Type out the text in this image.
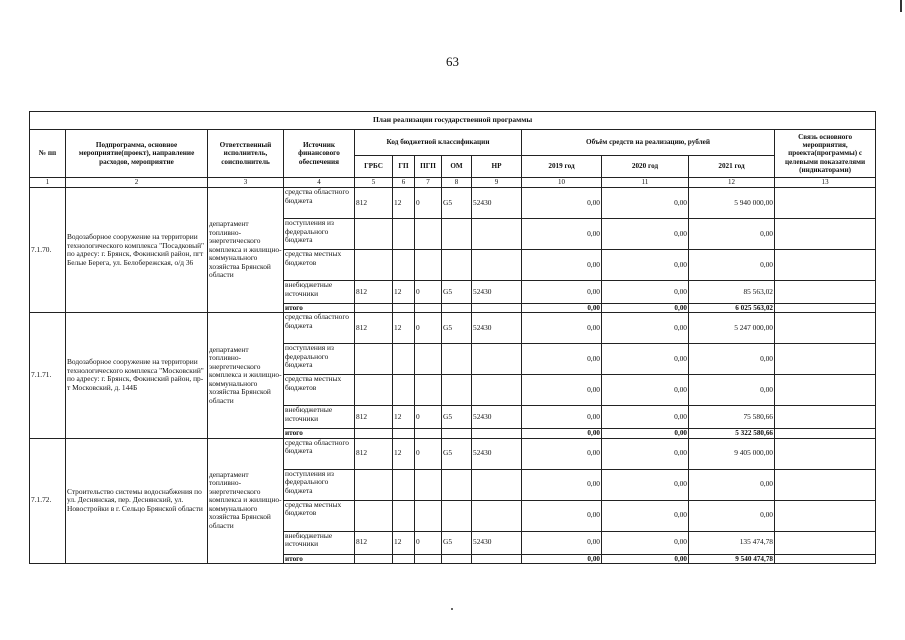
63
План реализации государственной программы												
№ пп	Подпрограмма, основное мероприятие(проект), направление расходов, мероприятие	Ответственный исполнитель, соисполнитель	Источник финансового обеспечения	Код бюджетной классификации					Объём средств на реализацию, рублей			Связь основного мероприятия, проекта(программы) с целевыми показателями (индикаторами)
				ГРБС	ГП	ПГП	ОМ	НР	2019 год	2020 год	2021 год	
1	2	3	4	5	6	7	8	9	10	11	12	13
7.1.70.	Водозаборное сооружение на территории технологического комплекса "Посадковый" по адресу: г. Брянск, Фокинский район, пгт Белые Берега, ул. Белобережская, о/д 36	департамент топливно-энергетического комплекса и жилищно-коммунального хозяйства Брянской области	средства областного бюджета	812	12	0	G5	52430	0,00	0,00	5 940 000,00	
			поступления из федерального бюджета						0,00	0,00	0,00	
			средства местных бюджетов						0,00	0,00	0,00	
			внебюджетные источники	812	12	0	G5	52430	0,00	0,00	85 563,02	
			итого						0,00	0,00	6 025 563,02	
7.1.71.	Водозаборное сооружение на территории технологического комплекса "Московский" по адресу: г. Брянск, Фокинский район, пр-т Московский, д. 144Б	департамент топливно-энергетического комплекса и жилищно-коммунального хозяйства Брянской области	средства областного бюджета	812	12	0	G5	52430	0,00	0,00	5 247 000,00	
			поступления из федерального бюджета						0,00	0,00	0,00	
			средства местных бюджетов						0,00	0,00	0,00	
			внебюджетные источники	812	12	0	G5	52430	0,00	0,00	75 580,66	
			итого						0,00	0,00	5 322 580,66	
7.1.72.	Строительство системы водоснабжения по ул. Деснянская, пер. Деснянский, ул. Новостройки в г. Сельцо Брянской области	департамент топливно-энергетического комплекса и жилищно-коммунального хозяйства Брянской области	средства областного бюджета	812	12	0	G5	52430	0,00	0,00	9 405 000,00	
			поступления из федерального бюджета						0,00	0,00	0,00	
			средства местных бюджетов						0,00	0,00	0,00	
			внебюджетные источники	812	12	0	G5	52430	0,00	0,00	135 474,78	
			итого						0,00	0,00	9 540 474,78	
